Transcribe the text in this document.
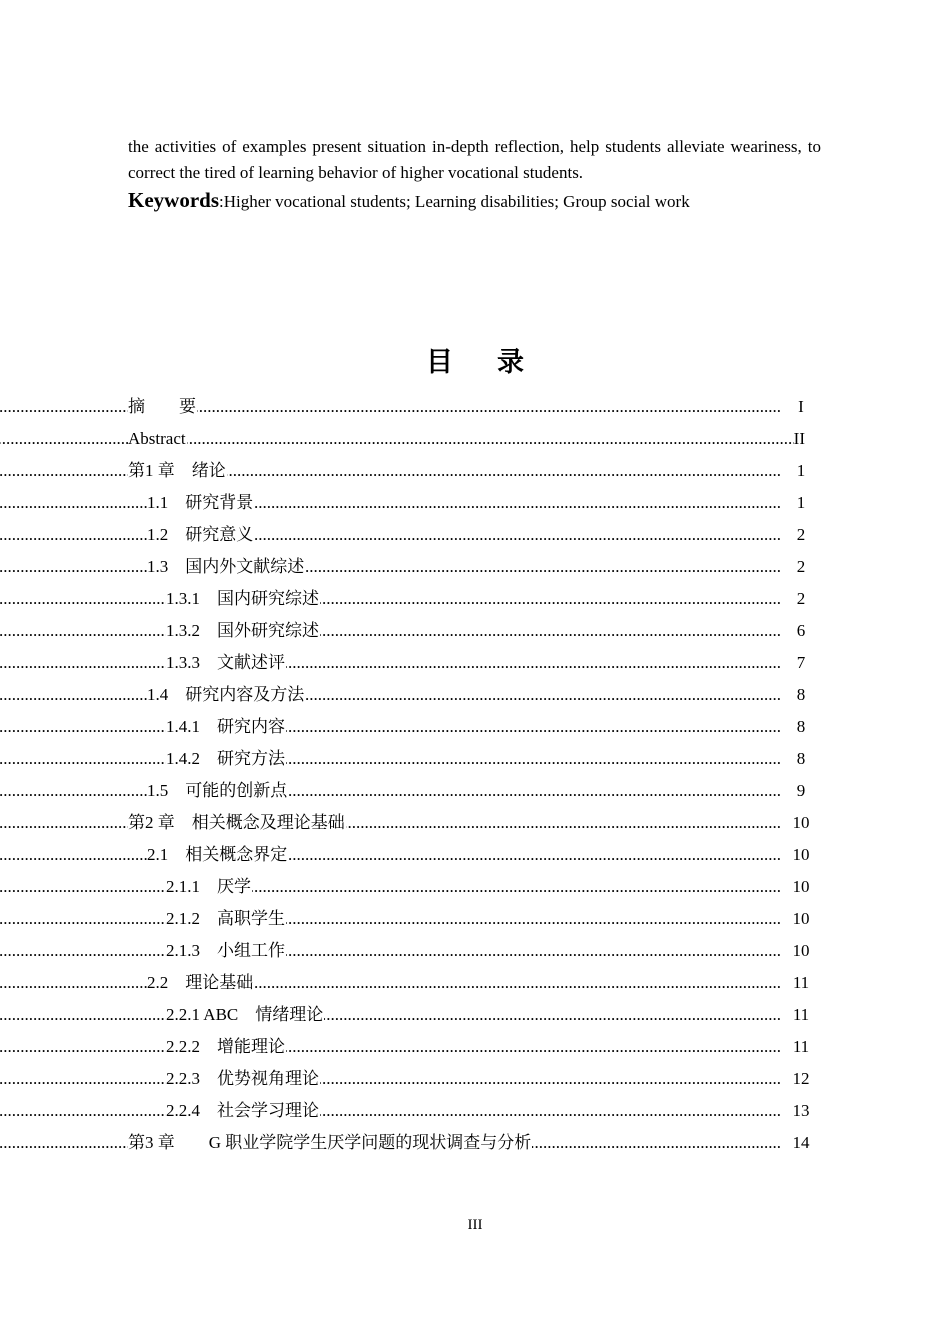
the activities of examples present situation in-depth reflection, help students alleviate weariness, to correct the tired of learning behavior of higher vocational students.

Keywords:Higher vocational students; Learning disabilities; Group social work

目录
摘　　要 .....	I
Abstract .....	II
第1 章　绪论 .....	1
1.1　研究背景 .....	1
1.2　研究意义 .....	2
1.3　国内外文献综述 .....	2
1.3.1　国内研究综述 .....	2
1.3.2　国外研究综述 .....	6
1.3.3　文献述评 .....	7
1.4　研究内容及方法 .....	8
1.4.1　研究内容 .....	8
1.4.2　研究方法 .....	8
1.5　可能的创新点 .....	9
第2 章　相关概念及理论基础 .....	10
2.1　相关概念界定 .....	10
2.1.1　厌学 .....	10
2.1.2　高职学生 .....	10
2.1.3　小组工作 .....	10
2.2　理论基础 .....	11
2.2.1 ABC　情绪理论 .....	11
2.2.2　增能理论 .....	11
2.2.3　优势视角理论 .....	12
2.2.4　社会学习理论 .....	13
第3 章　　G 职业学院学生厌学问题的现状调查与分析 .....	14

III
